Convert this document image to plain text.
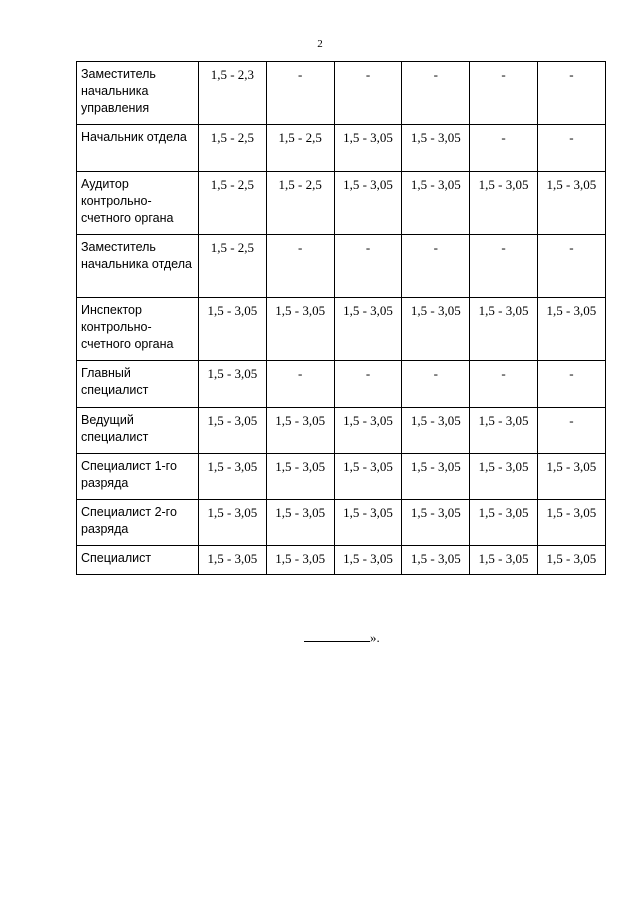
2
Заместитель начальника управления	1,5 - 2,3	-	-	-	-	-
Начальник отдела	1,5 - 2,5	1,5 - 2,5	1,5 - 3,05	1,5 - 3,05	-	-
Аудитор контрольно-счетного органа	1,5 - 2,5	1,5 - 2,5	1,5 - 3,05	1,5 - 3,05	1,5 - 3,05	1,5 - 3,05
Заместитель начальника отдела	1,5 - 2,5	-	-	-	-	-
Инспектор контрольно-счетного органа	1,5 - 3,05	1,5 - 3,05	1,5 - 3,05	1,5 - 3,05	1,5 - 3,05	1,5 - 3,05
Главный специалист	1,5 - 3,05	-	-	-	-	-
Ведущий специалист	1,5 - 3,05	1,5 - 3,05	1,5 - 3,05	1,5 - 3,05	1,5 - 3,05	-
Специалист 1-го разряда	1,5 - 3,05	1,5 - 3,05	1,5 - 3,05	1,5 - 3,05	1,5 - 3,05	1,5 - 3,05
Специалист 2-го разряда	1,5 - 3,05	1,5 - 3,05	1,5 - 3,05	1,5 - 3,05	1,5 - 3,05	1,5 - 3,05
Специалист	1,5 - 3,05	1,5 - 3,05	1,5 - 3,05	1,5 - 3,05	1,5 - 3,05	1,5 - 3,05
».
